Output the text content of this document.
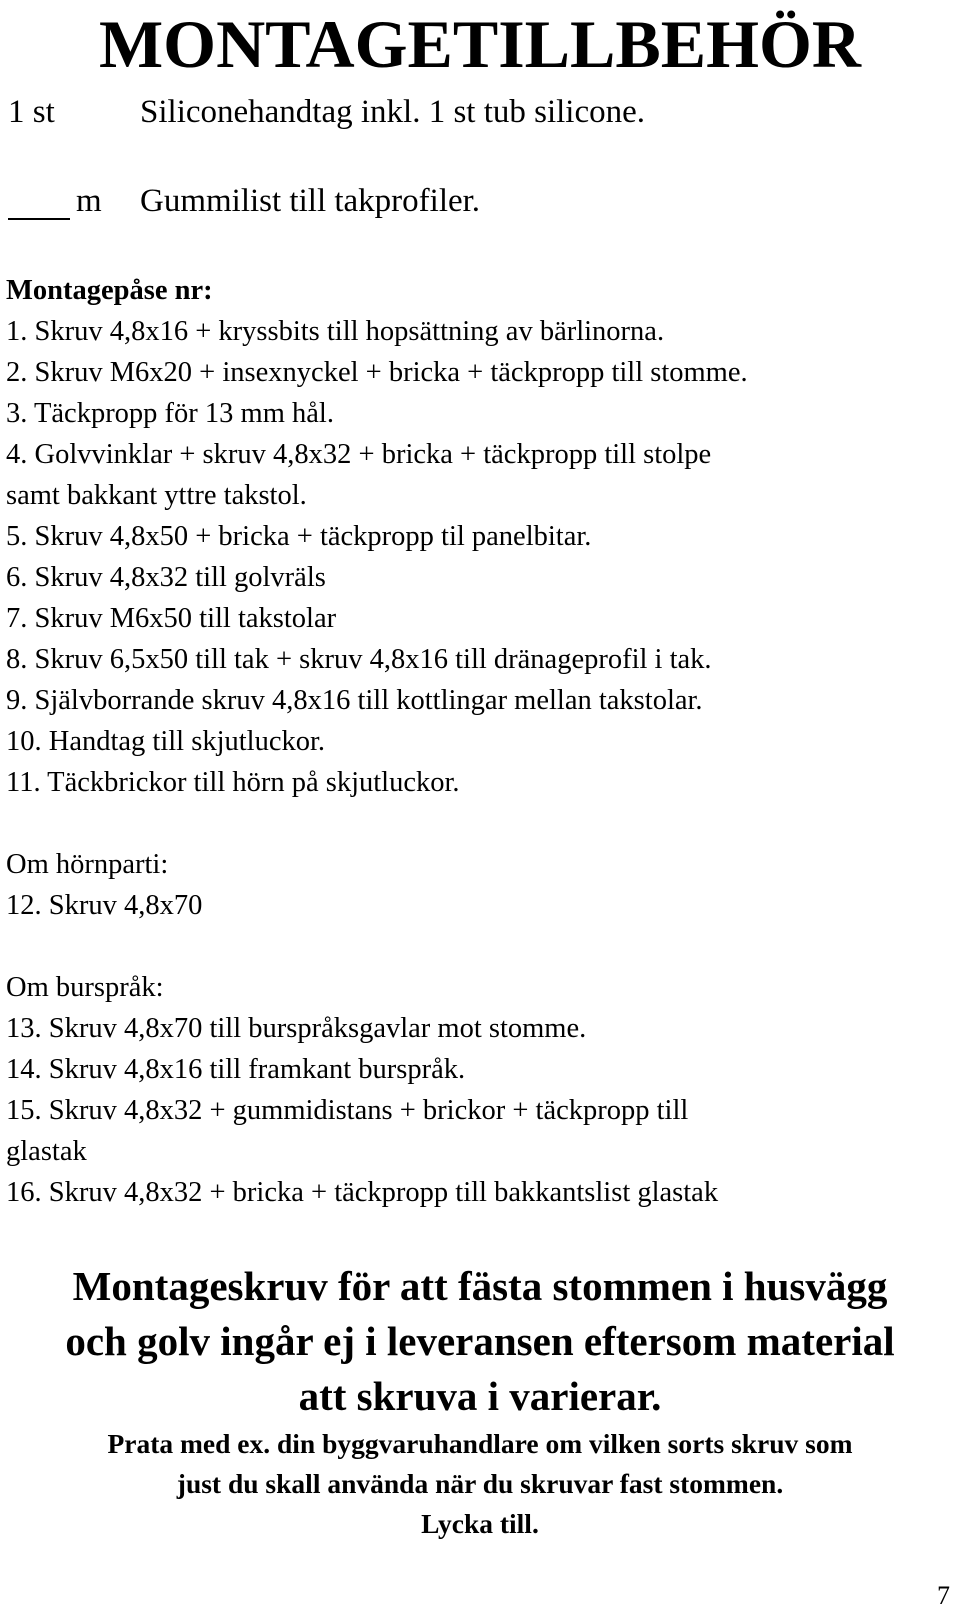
MONTAGETILLBEHÖR
1 st	Siliconehandtag inkl. 1 st tub silicone.
m Gummilist till takprofiler.
Montagepåse nr:
1. Skruv 4,8x16 + kryssbits till hopsättning av bärlinorna.
2. Skruv M6x20 + insexnyckel + bricka + täckpropp till stomme.
3. Täckpropp för 13 mm hål.
4. Golvvinklar + skruv 4,8x32 + bricka + täckpropp till stolpe
samt bakkant yttre takstol.
5. Skruv 4,8x50 + bricka + täckpropp til panelbitar.
6. Skruv 4,8x32 till golvräls
7. Skruv M6x50 till takstolar
8. Skruv 6,5x50 till tak + skruv 4,8x16 till dränageprofil i tak.
9. Självborrande skruv 4,8x16 till kottlingar mellan takstolar.
10. Handtag till skjutluckor.
11. Täckbrickor till hörn på skjutluckor.
Om hörnparti:
12. Skruv 4,8x70
Om burspråk:
13. Skruv 4,8x70 till burspråksgavlar mot stomme.
14. Skruv 4,8x16 till framkant burspråk.
15. Skruv 4,8x32 + gummidistans + brickor + täckpropp till
glastak
16. Skruv 4,8x32 + bricka + täckpropp till bakkantslist glastak
Montageskruv för att fästa stommen i husvägg
och golv ingår ej i leveransen eftersom material
att skruva i varierar.
Prata med ex. din byggvaruhandlare om vilken sorts skruv som
just du skall använda när du skruvar fast stommen.
Lycka till.
7
